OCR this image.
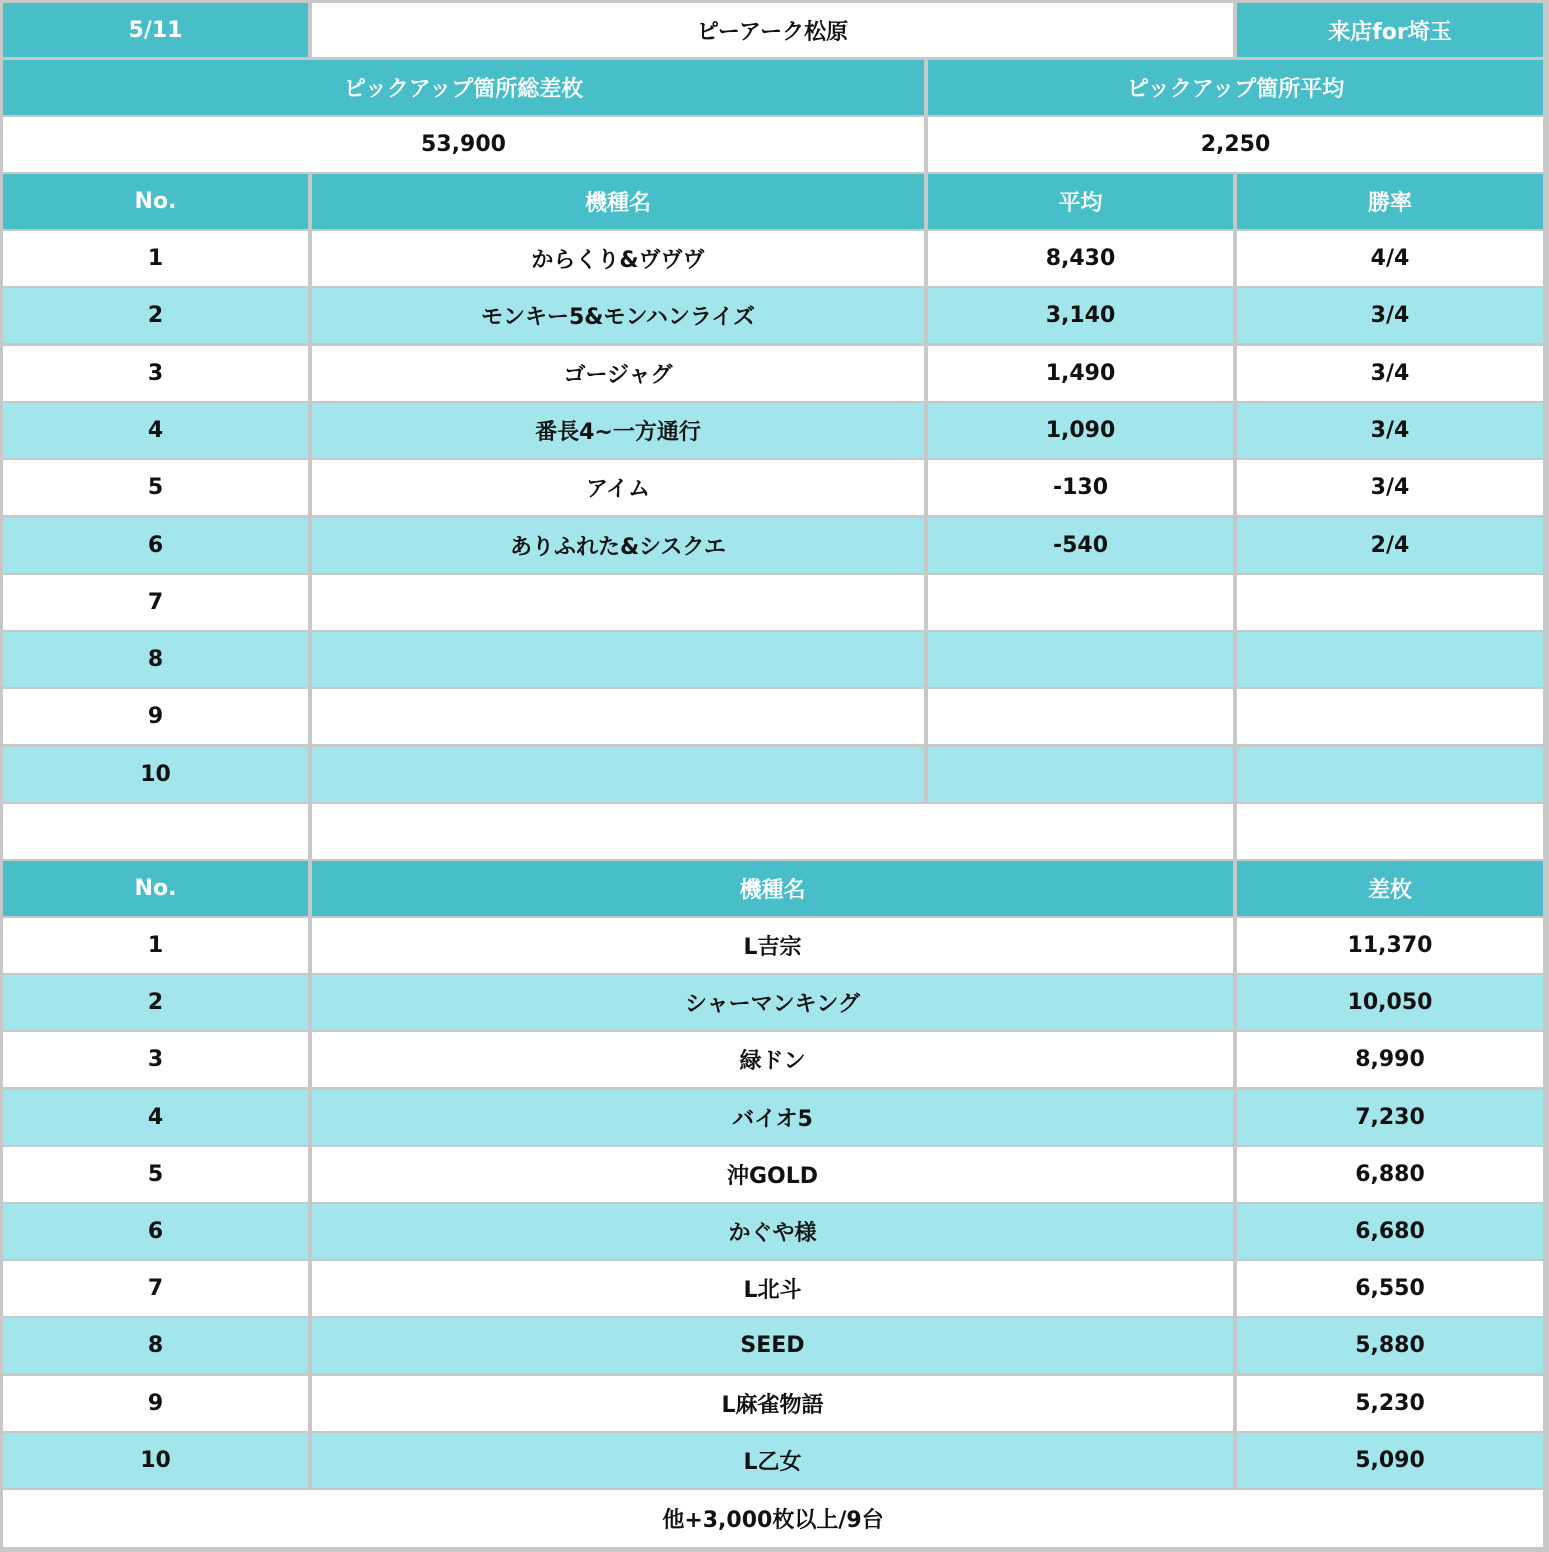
5/11	ピーアーク松原	来店for埼玉
ピックアップ箇所総差枚	ピックアップ箇所平均
53,900	2,250
No.	機種名	平均	勝率
1	からくり&ヴヴヴ	8,430	4/4
2	モンキー5&モンハンライズ	3,140	3/4
3	ゴージャグ	1,490	3/4
4	番長4~一方通行	1,090	3/4
5	アイム	-130	3/4
6	ありふれた&シスクエ	-540	2/4
7
8
9
10
No.	機種名	差枚
1	L吉宗	11,370
2	シャーマンキング	10,050
3	緑ドン	8,990
4	バイオ5	7,230
5	沖GOLD	6,880
6	かぐや様	6,680
7	L北斗	6,550
8	SEED	5,880
9	L麻雀物語	5,230
10	L乙女	5,090
他+3,000枚以上/9台
